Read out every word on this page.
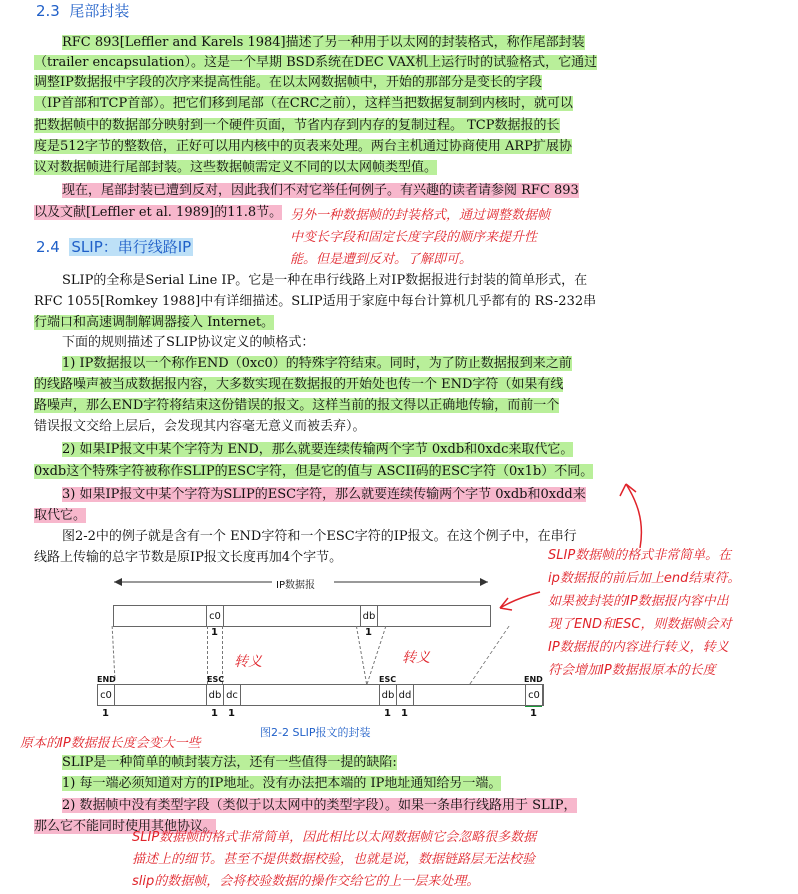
2.3 尾部封装
RFC 893[Leffler and Karels 1984]描述了另一种用于以太网的封装格式，称作尾部封装
（trailer encapsulation）。这是一个早期 BSD系统在DEC VAX机上运行时的试验格式，它通过
调整IP数据报中字段的次序来提高性能。在以太网数据帧中，开始的那部分是变长的字段
（IP首部和TCP首部）。把它们移到尾部（在CRC之前），这样当把数据复制到内核时，就可以
把数据帧中的数据部分映射到一个硬件页面，节省内存到内存的复制过程。 TCP数据报的长
度是512字节的整数倍，正好可以用内核中的页表来处理。两台主机通过协商使用 ARP扩展协
议对数据帧进行尾部封装。这些数据帧需定义不同的以太网帧类型值。
现在，尾部封装已遭到反对，因此我们不对它举任何例子。有兴趣的读者请参阅 RFC 893
以及文献[Leffler et al. 1989]的11.8节。 另外一种数据帧的封装格式，通过调整数据帧
中变长字段和固定长度字段的顺序来提升性
能。但是遭到反对。了解即可。
2.4 SLIP：串行线路IP
SLIP的全称是Serial Line IP。它是一种在串行线路上对IP数据报进行封装的简单形式，在
RFC 1055[Romkey 1988]中有详细描述。SLIP适用于家庭中每台计算机几乎都有的 RS-232串
行端口和高速调制解调器接入 Internet。
下面的规则描述了SLIP协议定义的帧格式：
1) IP数据报以一个称作END（0xc0）的特殊字符结束。同时，为了防止数据报到来之前
的线路噪声被当成数据报内容，大多数实现在数据报的开始处也传一个 END字符（如果有线
路噪声，那么END字符将结束这份错误的报文。这样当前的报文得以正确地传输，而前一个
错误报文交给上层后，会发现其内容毫无意义而被丢弃）。
2) 如果IP报文中某个字符为 END，那么就要连续传输两个字节 0xdb和0xdc来取代它。
0xdb这个特殊字符被称作SLIP的ESC字符，但是它的值与 ASCII码的ESC字符（0x1b）不同。
3) 如果IP报文中某个字符为SLIP的ESC字符，那么就要连续传输两个字节 0xdb和0xdd来
取代它。
图2-2中的例子就是含有一个 END字符和一个ESC字符的IP报文。在这个例子中，在串行
线路上传输的总字节数是原IP报文长度再加4个字节。	SLIP数据帧的格式非常简单。在
ip数据报的前后加上end结束符。
如果被封装的IP数据报内容中出
现了END和ESC，则数据帧会对
IP数据报的内容进行转义，转义
符会增加IP数据报原本的长度
IP数据报
c0	db
1	1
转义	转义
END	ESC	ESC	END
c0	db dc	db dd	c0
1	1 1	1 1	1
图2-2 SLIP报文的封装
原本的IP数据报长度会变大一些
SLIP是一种简单的帧封装方法，还有一些值得一提的缺陷:
1) 每一端必须知道对方的IP地址。没有办法把本端的 IP地址通知给另一端。
2) 数据帧中没有类型字段（类似于以太网中的类型字段）。如果一条串行线路用于 SLIP，
那么它不能同时使用其他协议。
SLIP数据帧的格式非常简单，因此相比以太网数据帧它会忽略很多数据
描述上的细节。甚至不提供数据校验，也就是说，数据链路层无法校验
slip的数据帧，会将校验数据的操作交给它的上一层来处理。
